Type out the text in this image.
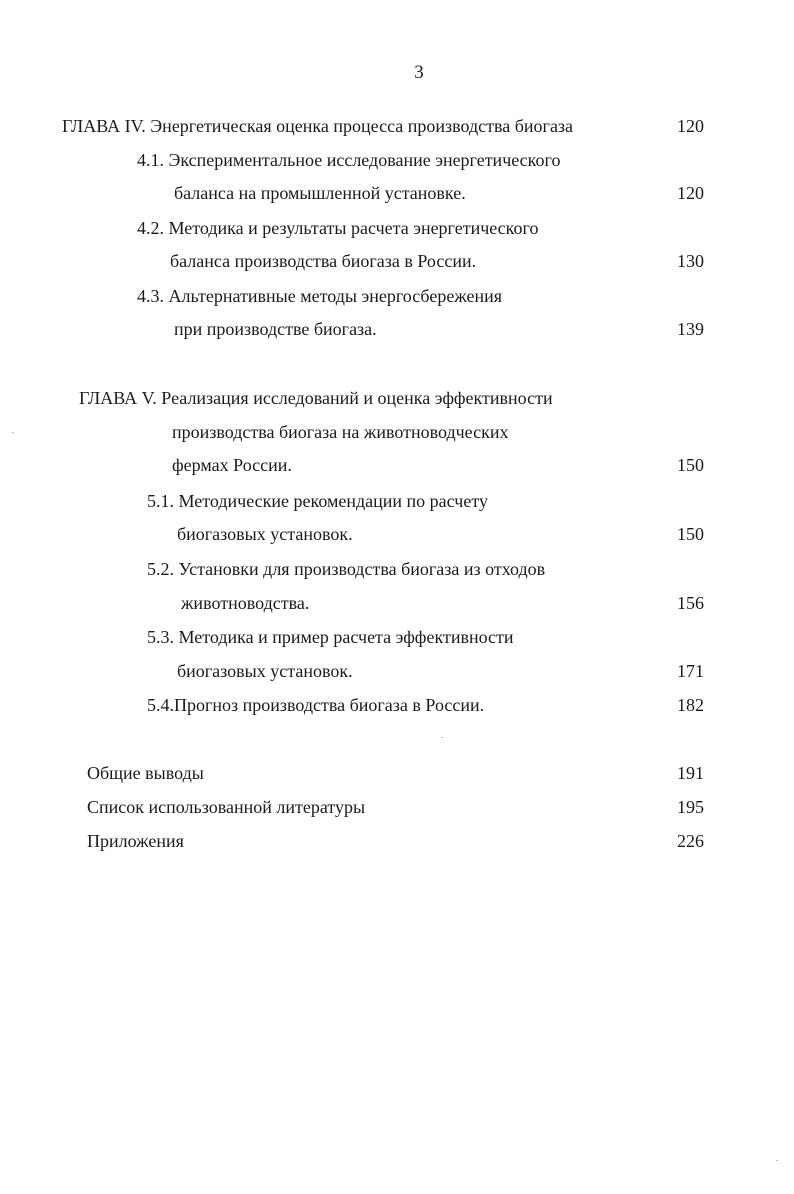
3
ГЛАВА IV. Энергетическая оценка процесса производства биогаза	120
4.1. Экспериментальное исследование энергетического
баланса на промышленной установке.	120
4.2. Методика и результаты расчета энергетического
баланса производства биогаза в России.	130
4.3. Альтернативные методы энергосбережения
при производстве биогаза.	139
ГЛАВА V. Реализация исследований и оценка эффективности
производства биогаза на животноводческих
фермах России.	150
5.1. Методические рекомендации по расчету
биогазовых установок.	150
5.2. Установки для производства биогаза из отходов
животноводства.	156
5.3. Методика и пример расчета эффективности
биогазовых установок.	171
5.4.Прогноз производства биогаза в России.	182
Общие выводы	191
Список использованной литературы	195
Приложения	226
